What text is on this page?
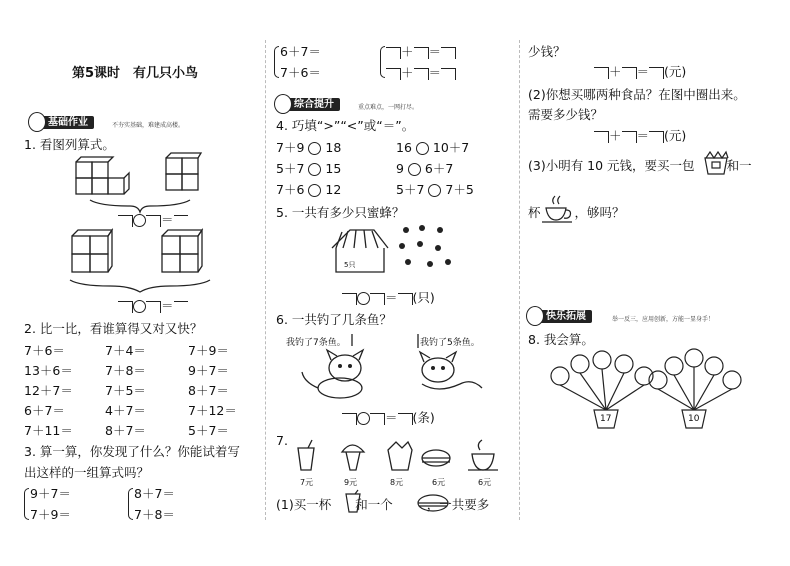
第5课时　有几只小鸟
基础作业	不夯实基础，难建成高楼。
1. 看图列算式。
＝
＝
2. 比一比，看谁算得又对又快？
7＋6＝	7＋4＝	7＋9＝
13＋6＝	7＋8＝	9＋7＝
12＋7＝	7＋5＝	8＋7＝
6＋7＝	4＋7＝	7＋12＝
7＋11＝	8＋7＝	5＋7＝
3. 算一算，你发现了什么？你能试着写
出这样的一组算式吗？
9＋7＝
7＋9＝
8＋7＝
7＋8＝
6＋7＝
7＋6＝
＋ ＝
＋ ＝
综合提升	重点难点，一网打尽。
4. 巧填“>”“<”或“＝”。
7＋9 18	16 10＋7
5＋7 15	9 6＋7
7＋6 12	5＋7 7＋5
5. 一共有多少只蜜蜂？
5只
＝ (只)
6. 一共钓了几条鱼？
我钓了7条鱼。	我钓了5条鱼。
＝ (条)
7.
7元	9元	8元	6元	6元
(1)买一杯 和一个	，一共要多
少钱？
＋ ＝ (元)
(2)你想买哪两种食品？在图中圈出来。
需要多少钱？
＋ ＝ (元)
(3)小明有 10 元钱，要买一包	和一
杯	，够吗？
快乐拓展	举一反三，应用创新，方能一显身手！
8. 我会算。
17	10
